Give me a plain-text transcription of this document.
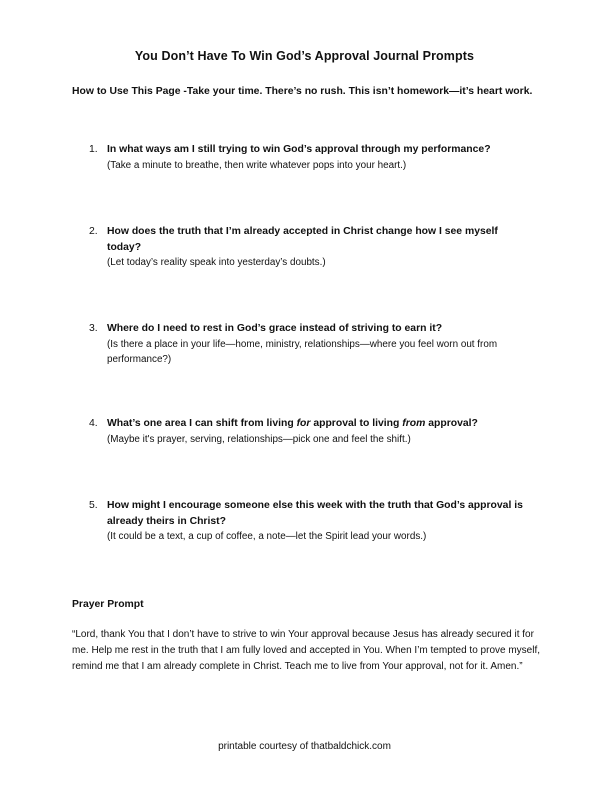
You Don’t Have To Win God’s Approval Journal Prompts
How to Use This Page -Take your time. There’s no rush. This isn’t homework—it’s heart work.
1. In what ways am I still trying to win God’s approval through my performance?
(Take a minute to breathe, then write whatever pops into your heart.)
2. How does the truth that I’m already accepted in Christ change how I see myself today?
(Let today’s reality speak into yesterday’s doubts.)
3. Where do I need to rest in God’s grace instead of striving to earn it?
(Is there a place in your life—home, ministry, relationships—where you feel worn out from performance?)
4. What’s one area I can shift from living for approval to living from approval?
(Maybe it's prayer, serving, relationships—pick one and feel the shift.)
5. How might I encourage someone else this week with the truth that God’s approval is already theirs in Christ?
(It could be a text, a cup of coffee, a note—let the Spirit lead your words.)
Prayer Prompt
“Lord, thank You that I don’t have to strive to win Your approval because Jesus has already secured it for me. Help me rest in the truth that I am fully loved and accepted in You. When I’m tempted to prove myself, remind me that I am already complete in Christ. Teach me to live from Your approval, not for it. Amen.”
printable courtesy of thatbaldchick.com
